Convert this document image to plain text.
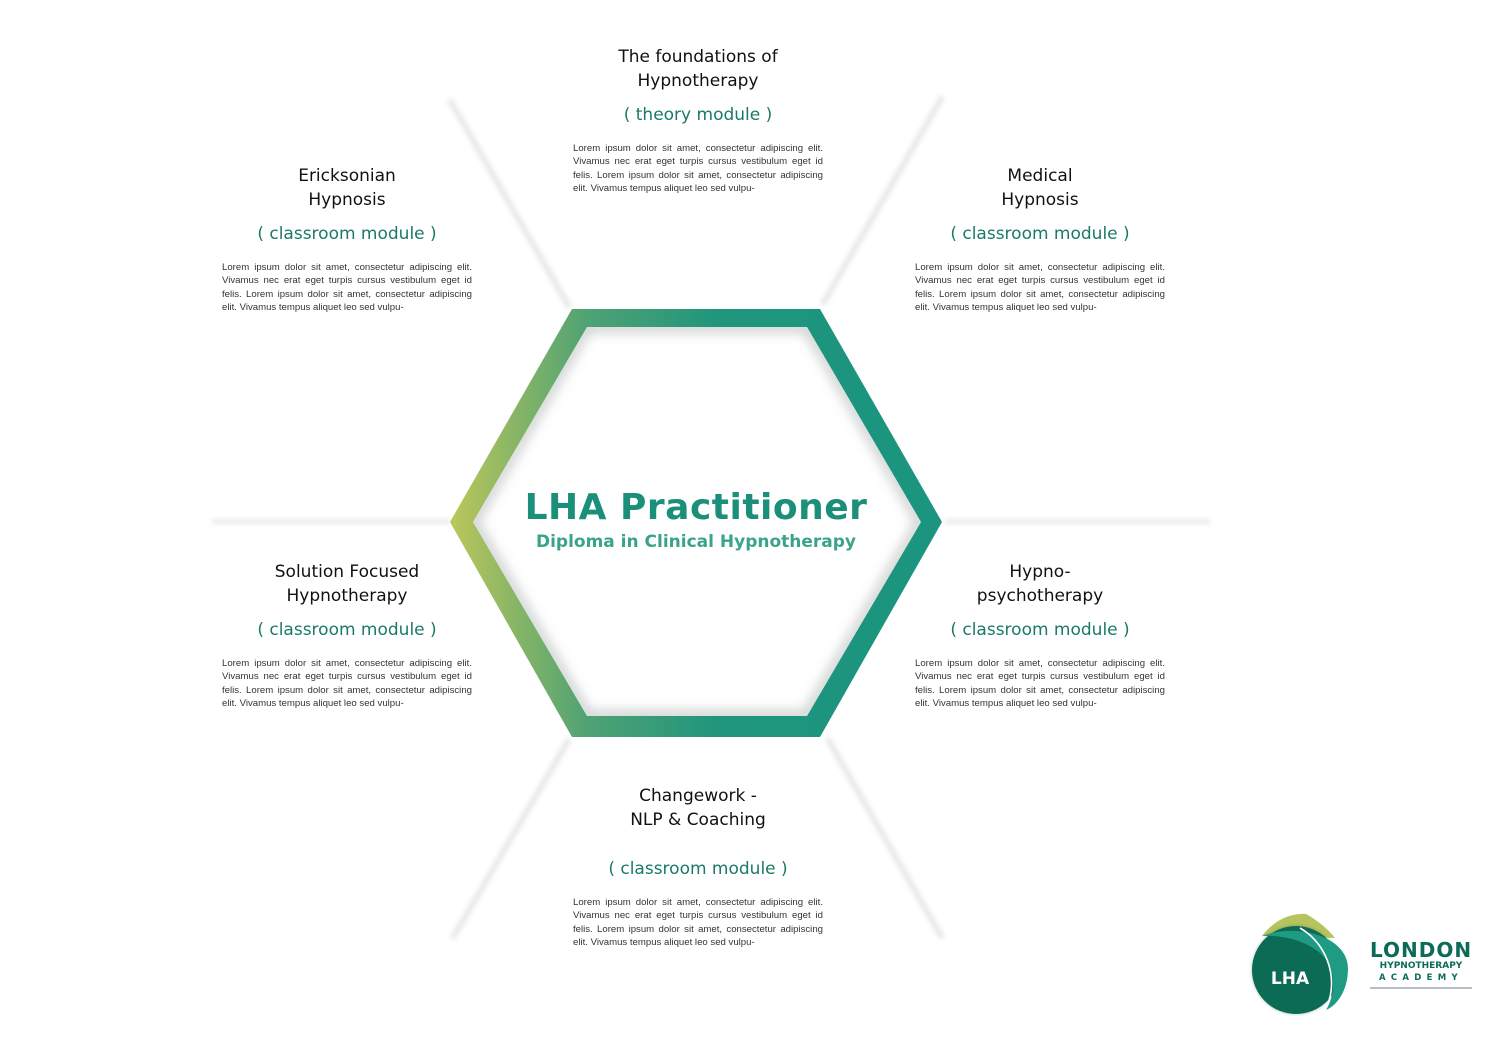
LHA
LHA Practitioner
Diploma in Clinical Hypnotherapy
The foundations of
Hypnotherapy
( theory module )
Lorem ipsum dolor sit amet, consectetur adipiscing elit. Vivamus nec erat eget turpis cursus vestibulum eget id felis. Lorem ipsum dolor sit amet, consectetur adipiscing elit. Vivamus tempus aliquet leo sed vulpu-
Ericksonian
Hypnosis
( classroom module )
Lorem ipsum dolor sit amet, consectetur adipiscing elit. Vivamus nec erat eget turpis cursus vestibulum eget id felis. Lorem ipsum dolor sit amet, consectetur adipiscing elit. Vivamus tempus aliquet leo sed vulpu-
Medical
Hypnosis
( classroom module )
Lorem ipsum dolor sit amet, consectetur adipiscing elit. Vivamus nec erat eget turpis cursus vestibulum eget id felis. Lorem ipsum dolor sit amet, consectetur adipiscing elit. Vivamus tempus aliquet leo sed vulpu-
Solution Focused
Hypnotherapy
( classroom module )
Lorem ipsum dolor sit amet, consectetur adipiscing elit. Vivamus nec erat eget turpis cursus vestibulum eget id felis. Lorem ipsum dolor sit amet, consectetur adipiscing elit. Vivamus tempus aliquet leo sed vulpu-
Hypno-
psychotherapy
( classroom module )
Lorem ipsum dolor sit amet, consectetur adipiscing elit. Vivamus nec erat eget turpis cursus vestibulum eget id felis. Lorem ipsum dolor sit amet, consectetur adipiscing elit. Vivamus tempus aliquet leo sed vulpu-
Changework -
NLP & Coaching
( classroom module )
Lorem ipsum dolor sit amet, consectetur adipiscing elit. Vivamus nec erat eget turpis cursus vestibulum eget id felis. Lorem ipsum dolor sit amet, consectetur adipiscing elit. Vivamus tempus aliquet leo sed vulpu-	LONDON
HYPNOTHERAPY
ACADEMY
